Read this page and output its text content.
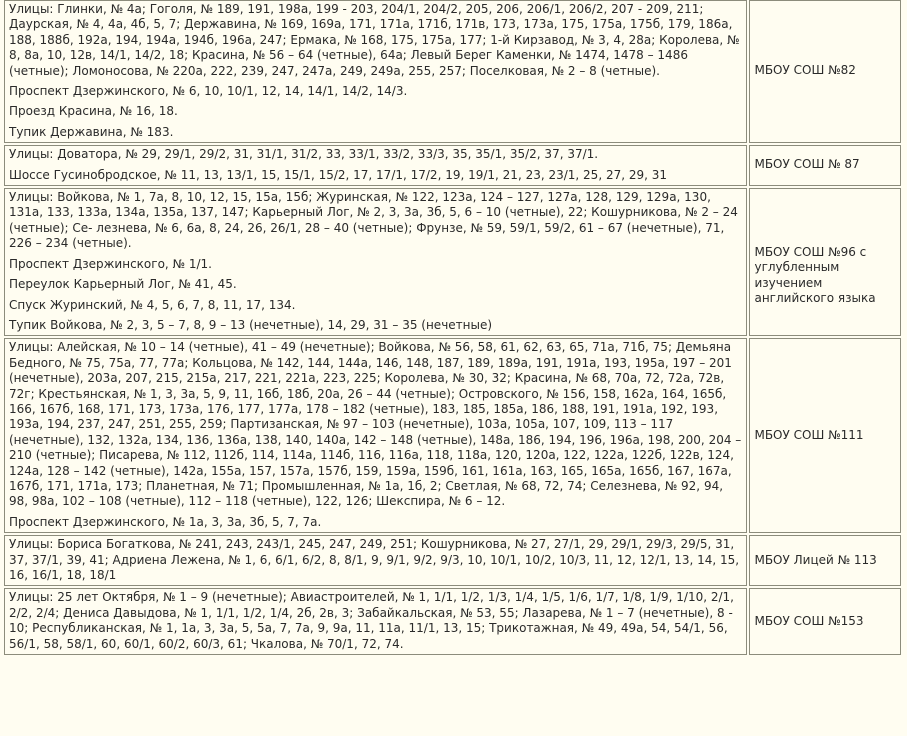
Улицы: Глинки, № 4а; Гоголя, № 189, 191, 198а, 199 - 203, 204/1, 204/2, 205, 206, 206/1, 206/2, 207 - 209, 211; Даурская, № 4, 4а, 4б, 5, 7; Державина, № 169, 169а, 171, 171а, 171б, 171в, 173, 173а, 175, 175а, 175б, 179, 186а, 188, 188б, 192а, 194, 194а, 194б, 196а, 247; Ермака, № 168, 175, 175а, 177; 1-й Кирзавод, № 3, 4, 28а; Королева, № 8, 8а, 10, 12в, 14/1, 14/2, 18; Красина, № 56 – 64 (четные), 64а; Левый Берег Каменки, № 1474, 1478 – 1486 (четные); Ломоносова, № 220а, 222, 239, 247, 247а, 249, 249а, 255, 257; Поселковая, № 2 – 8 (четные).
Проспект Дзержинского, № 6, 10, 10/1, 12, 14, 14/1, 14/2, 14/3.
Проезд Красина, № 16, 18.
Тупик Державина, № 183.	МБОУ СОШ №82

Улицы: Доватора, № 29, 29/1, 29/2, 31, 31/1, 31/2, 33, 33/1, 33/2, 33/3, 35, 35/1, 35/2, 37, 37/1.
Шоссе Гусинобродское, № 11, 13, 13/1, 15, 15/1, 15/2, 17, 17/1, 17/2, 19, 19/1, 21, 23, 23/1, 25, 27, 29, 31	МБОУ СОШ № 87

Улицы: Войкова, № 1, 7а, 8, 10, 12, 15, 15а, 15б; Журинская, № 122, 123а, 124 – 127, 127а, 128, 129, 129а, 130, 131а, 133, 133а, 134а, 135а, 137, 147; Карьерный Лог, № 2, 3, 3а, 3б, 5, 6 – 10 (четные), 22; Кошурникова, № 2 – 24 (четные); Се- лезнева, № 6, 6а, 8, 24, 26, 26/1, 28 – 40 (четные); Фрунзе, № 59, 59/1, 59/2, 61 – 67 (нечетные), 71, 226 – 234 (четные).
Проспект Дзержинского, № 1/1.
Переулок Карьерный Лог, № 41, 45.
Спуск Журинский, № 4, 5, 6, 7, 8, 11, 17, 134.
Тупик Войкова, № 2, 3, 5 – 7, 8, 9 – 13 (нечетные), 14, 29, 31 – 35 (нечетные)	МБОУ СОШ №96 с углубленным изучением английского языка

Улицы: Алейская, № 10 – 14 (четные), 41 – 49 (нечетные); Войкова, № 56, 58, 61, 62, 63, 65, 71а, 71б, 75; Демьяна Бедного, № 75, 75а, 77, 77а; Кольцова, № 142, 144, 144а, 146, 148, 187, 189, 189а, 191, 191а, 193, 195а, 197 – 201 (нечетные), 203а, 207, 215, 215а, 217, 221, 221а, 223, 225; Королева, № 30, 32; Красина, № 68, 70а, 72, 72а, 72в, 72г; Крестьянская, № 1, 3, 3а, 5, 9, 11, 16б, 18б, 20а, 26 – 44 (четные); Островского, № 156, 158, 162а, 164, 165б, 166, 167б, 168, 171, 173, 173а, 176, 177, 177а, 178 – 182 (четные), 183, 185, 185а, 186, 188, 191, 191а, 192, 193, 193а, 194, 237, 247, 251, 255, 259; Партизанская, № 97 – 103 (нечетные), 103а, 105а, 107, 109, 113 – 117 (нечетные), 132, 132а, 134, 136, 136а, 138, 140, 140а, 142 – 148 (четные), 148а, 186, 194, 196, 196а, 198, 200, 204 – 210 (четные); Писарева, № 112, 112б, 114, 114а, 114б, 116, 116а, 118, 118а, 120, 120а, 122, 122а, 122б, 122в, 124, 124а, 128 – 142 (четные), 142а, 155а, 157, 157а, 157б, 159, 159а, 159б, 161, 161а, 163, 165, 165а, 165б, 167, 167а, 167б, 171, 171а, 173; Планетная, № 71; Промышленная, № 1а, 1б, 2; Светлая, № 68, 72, 74; Селезнева, № 92, 94, 98, 98а, 102 – 108 (четные), 112 – 118 (четные), 122, 126; Шекспира, № 6 – 12.
Проспект Дзержинского, № 1а, 3, 3а, 3б, 5, 7, 7а.	МБОУ СОШ №111

Улицы: Бориса Богаткова, № 241, 243, 243/1, 245, 247, 249, 251; Кошурникова, № 27, 27/1, 29, 29/1, 29/3, 29/5, 31, 37, 37/1, 39, 41; Адриена Лежена, № 1, 6, 6/1, 6/2, 8, 8/1, 9, 9/1, 9/2, 9/3, 10, 10/1, 10/2, 10/3, 11, 12, 12/1, 13, 14, 15, 16, 16/1, 18, 18/1	МБОУ Лицей № 113

Улицы: 25 лет Октября, № 1 – 9 (нечетные); Авиастроителей, № 1, 1/1, 1/2, 1/3, 1/4, 1/5, 1/6, 1/7, 1/8, 1/9, 1/10, 2/1, 2/2, 2/4; Дениса Давыдова, № 1, 1/1, 1/2, 1/4, 2б, 2в, 3; Забайкальская, № 53, 55; Лазарева, № 1 – 7 (нечетные), 8 - 10; Республиканская, № 1, 1а, 3, 3а, 5, 5а, 7, 7а, 9, 9а, 11, 11а, 11/1, 13, 15; Трикотажная, № 49, 49а, 54, 54/1, 56, 56/1, 58, 58/1, 60, 60/1, 60/2, 60/3, 61; Чкалова, № 70/1, 72, 74.	МБОУ СОШ №153
